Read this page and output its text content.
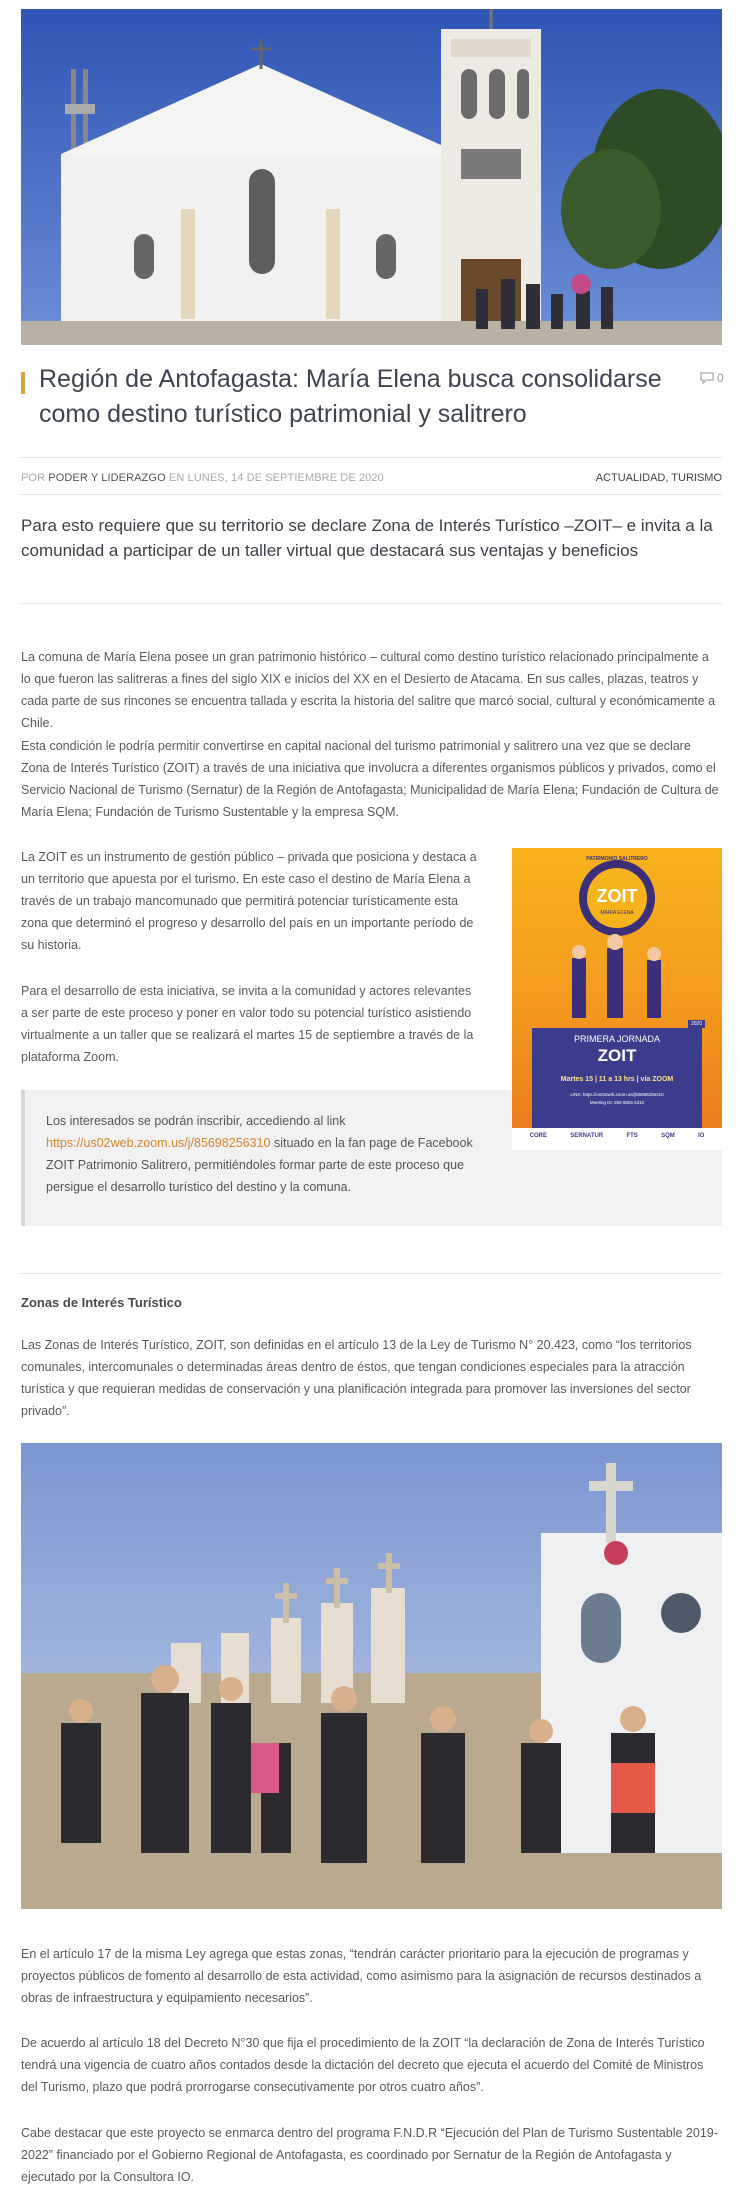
Región de Antofagasta: María Elena busca consolidarse como destino turístico patrimonial y salitrero
0
POR PODER Y LIDERAZGO EN LUNES, 14 DE SEPTIEMBRE DE 2020	ACTUALIDAD, TURISMO
Para esto requiere que su territorio se declare Zona de Interés Turístico –ZOIT– e invita a la comunidad a participar de un taller virtual que destacará sus ventajas y beneficios
La comuna de María Elena posee un gran patrimonio histórico – cultural como destino turístico relacionado principalmente a lo que fueron las salitreras a fines del siglo XIX e inicios del XX en el Desierto de Atacama. En sus calles, plazas, teatros y cada parte de sus rincones se encuentra tallada y escrita la historia del salitre que marcó social, cultural y económicamente a Chile.
Esta condición le podría permitir convertirse en capital nacional del turismo patrimonial y salitrero una vez que se declare Zona de Interés Turístico (ZOIT) a través de una iniciativa que involucra a diferentes organismos públicos y privados, como el Servicio Nacional de Turismo (Sernatur) de la Región de Antofagasta; Municipalidad de María Elena; Fundación de Cultura de María Elena; Fundación de Turismo Sustentable y la empresa SQM.
La ZOIT es un instrumento de gestión público – privada que posiciona y destaca a un territorio que apuesta por el turismo. En este caso el destino de María Elena a través de un trabajo mancomunado que permitirá potenciar turísticamente esta zona que determinó el progreso y desarrollo del país en un importante período de su historia.
Para el desarrollo de esta iniciativa, se invita a la comunidad y actores relevantes a ser parte de este proceso y poner en valor todo su potencial turístico asistiendo virtualmente a un taller que se realizará el martes 15 de septiembre a través de la plataforma Zoom.
Los interesados se podrán inscribir, accediendo al link https://us02web.zoom.us/j/85698256310 situado en la fan page de Facebook ZOIT Patrimonio Salitrero, permitiéndoles formar parte de este proceso que persigue el desarrollo turístico del destino y la comuna.
PATRIMONIO SALITRERO
ZOIT
MARÍA ELENA
PRIMERA JORNADA
ZOIT
Martes 15 | 11 a 13 hrs | vía ZOOM
LINK: https://us02web.zoom.us/j/85698256310
Meeting ID: 856 9825 6310
2020
CORE	SERNATUR	FTS	SQM	IO
Zonas de Interés Turístico
Las Zonas de Interés Turístico, ZOIT, son definidas en el artículo 13 de la Ley de Turismo N° 20.423, como “los territorios comunales, intercomunales o determinadas áreas dentro de éstos, que tengan condiciones especiales para la atracción turística y que requieran medidas de conservación y una planificación integrada para promover las inversiones del sector privado”.
En el artículo 17 de la misma Ley agrega que estas zonas, “tendrán carácter prioritario para la ejecución de programas y proyectos públicos de fomento al desarrollo de esta actividad, como asimismo para la asignación de recursos destinados a obras de infraestructura y equipamiento necesarios”.
De acuerdo al artículo 18 del Decreto N°30 que fija el procedimiento de la ZOIT “la declaración de Zona de Interés Turístico tendrá una vigencia de cuatro años contados desde la dictación del decreto que ejecuta el acuerdo del Comité de Ministros del Turismo, plazo que podrá prorrogarse consecutivamente por otros cuatro años”.
Cabe destacar que este proyecto se enmarca dentro del programa F.N.D.R “Ejecución del Plan de Turismo Sustentable 2019-2022” financiado por el Gobierno Regional de Antofagasta, es coordinado por Sernatur de la Región de Antofagasta y ejecutado por la Consultora IO.
